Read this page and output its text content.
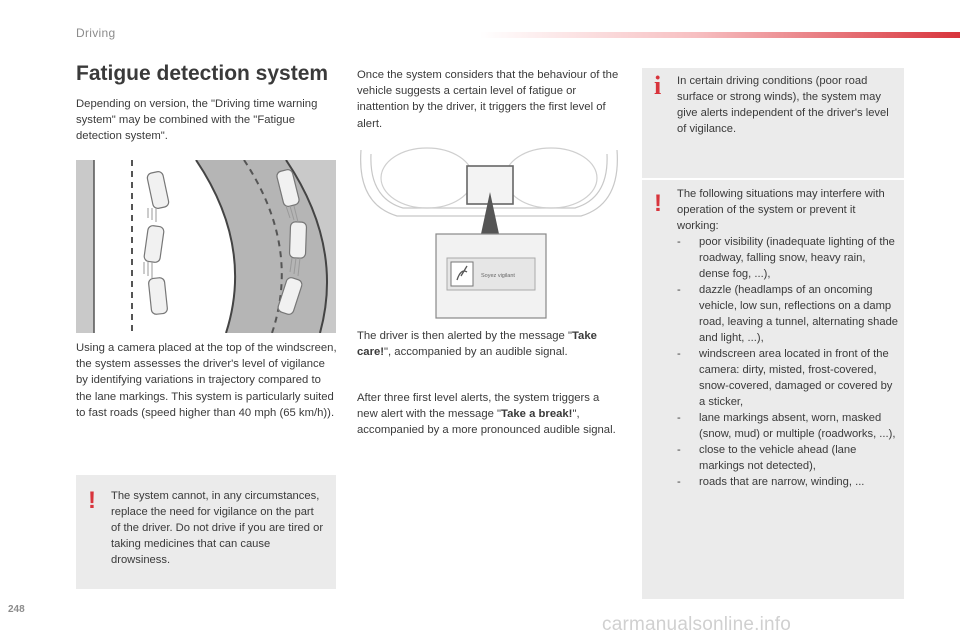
Driving
Fatigue detection system

Depending on version, the "Driving time warning system" may be combined with the "Fatigue detection system".

Using a camera placed at the top of the windscreen, the system assesses the driver's level of vigilance by identifying variations in trajectory compared to the lane markings. This system is particularly suited to fast roads (speed higher than 40 mph (65 km/h)).

! The system cannot, in any circumstances, replace the need for vigilance on the part of the driver. Do not drive if you are tired or taking medicines that can cause drowsiness.

Once the system considers that the behaviour of the vehicle suggests a certain level of fatigue or inattention by the driver, it triggers the first level of alert.

Soyez vigilant

The driver is then alerted by the message "Take care!", accompanied by an audible signal.

After three first level alerts, the system triggers a new alert with the message "Take a break!", accompanied by a more pronounced audible signal.

i In certain driving conditions (poor road surface or strong winds), the system may give alerts independent of the driver's level of vigilance.

! The following situations may interfere with operation of the system or prevent it working:

-	poor visibility (inadequate lighting of the roadway, falling snow, heavy rain, dense fog, ...),
-	dazzle (headlamps of an oncoming vehicle, low sun, reflections on a damp road, leaving a tunnel, alternating shade and light, ...),
-	windscreen area located in front of the camera: dirty, misted, frost-covered, snow-covered, damaged or covered by a sticker,
-	lane markings absent, worn, masked (snow, mud) or multiple (roadworks, ...),
-	close to the vehicle ahead (lane markings not detected),
-	roads that are narrow, winding, ...
248
carmanualsonline.info
